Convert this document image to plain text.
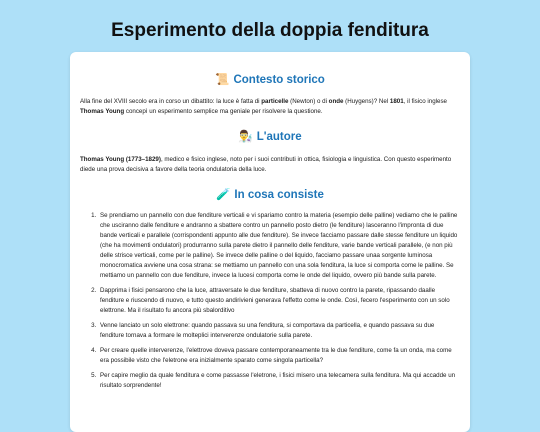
Esperimento della doppia fenditura
📜 Contesto storico

Alla fine del XVIII secolo era in corso un dibattito: la luce è fatta di particelle (Newton) o di onde (Huygens)? Nel 1801, il fisico inglese Thomas Young concepì un esperimento semplice ma geniale per risolvere la questione.

👨‍🔬 L'autore

Thomas Young (1773–1829), medico e fisico inglese, noto per i suoi contributi in ottica, fisiologia e linguistica. Con questo esperimento diede una prova decisiva a favore della teoria ondulatoria della luce.

🧪 In cosa consiste
1. Se prendiamo un pannello con due fenditure verticali e vi spariamo contro la materia (esempio delle palline) vediamo che le palline che usciranno dalle fenditure e andranno a sbattere contro un pannello posto dietro (le fenditure) lasceranno l'impronta di due bande verticali e parallele (corrispondenti appunto alle due fenditure). Se invece facciamo passare dalle stesse fenditure un liquido (che ha movimenti ondulatori) produrranno sulla parete dietro il pannello delle fenditure, varie bande verticali parallele, (e non più delle strisce verticali, come per le palline). Se invece delle palline o del liquido, facciamo passare unaa sorgente luminosa monocromatica avviene una cosa strana: se mettiamo un pannello con una sola fenditura, la luce si comporta come le palline. Se mettiamo un pannello con due fenditure, invece la lucesi comporta come le onde del liquido, ovvero più bande sulla parete.
2. Dapprima i fisici pensarono che la luce, attraversate le due fenditure, sbatteva di nuovo contro la parete, ripassando daalle fenditure e riuscendo di nuovo, e tutto questo andirivieni generava l'effetto come le onde. Così, fecero l'esperimento con un solo elettrone. Ma il risultato fu ancora più sbalorditivo
3. Venne lanciato un solo elettrone: quando passava su una fenditura, si comportava da particella, e quando passava su due fenditure tornava a formare le molteplici interverenze ondulatorie sulla parete.
4. Per creare quelle interverenze, l'elettrove doveva passare contemporaneamente tra le due fenditure, come fa un onda, ma come era possibile visto che l'eletrone era inizialmente sparato come singola particella?
5. Per capire meglio da quale fenditura e come passasse l'eletrone, i fisici misero una telecamera sulla fenditura. Ma qui accadde un risultato sorprendente!
